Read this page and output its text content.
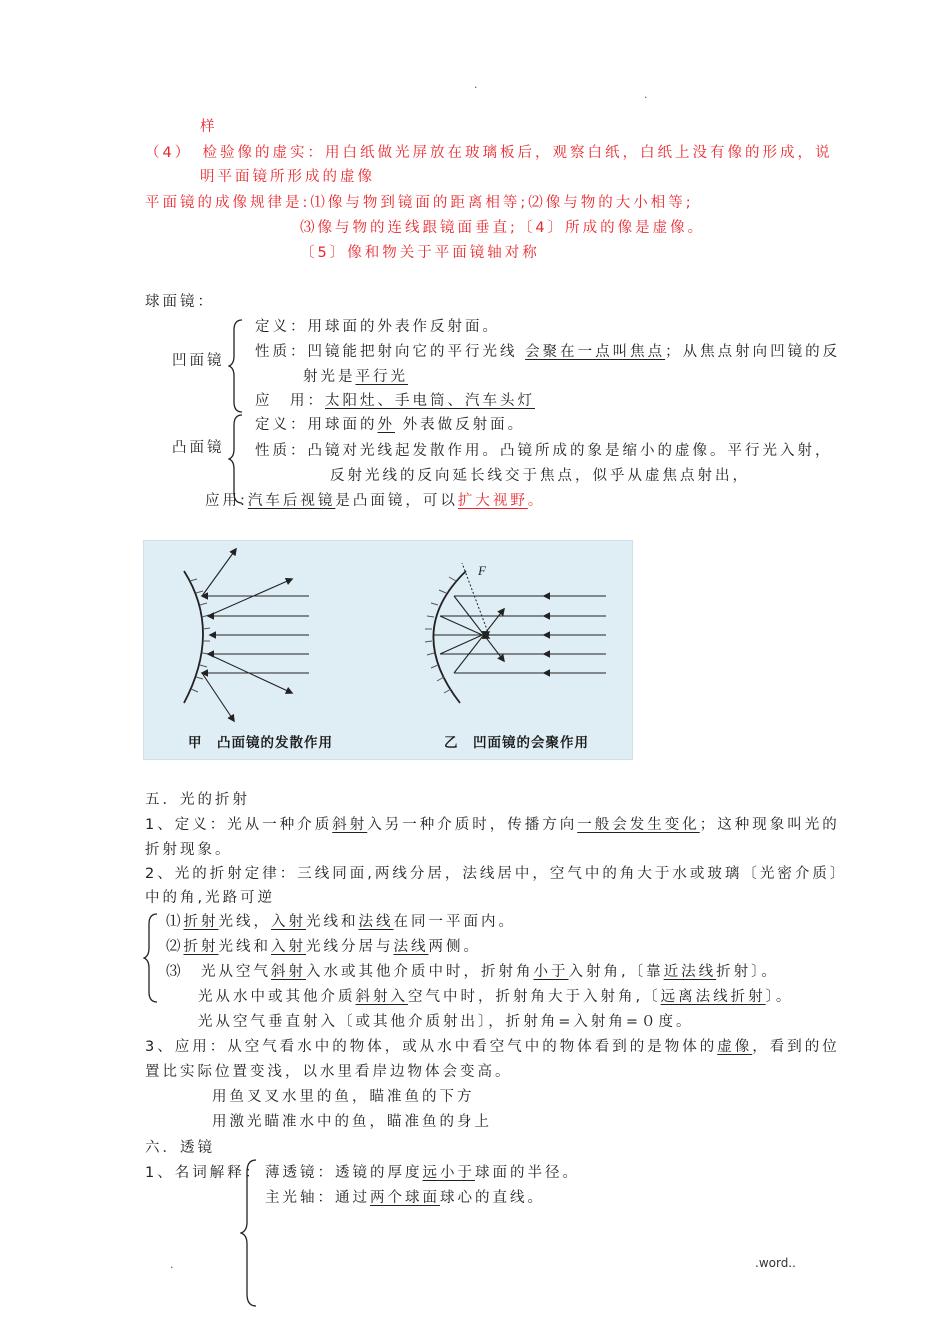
.
.
样
（4）　检验像的虚实：用白纸做光屏放在玻璃板后，观察白纸，白纸上没有像的形成，说
明平面镜所形成的虚像
平面镜的成像规律是:⑴像与物到镜面的距离相等;⑵像与物的大小相等;
⑶像与物的连线跟镜面垂直;〔4〕所成的像是虚像。
〔5〕像和物关于平面镜轴对称
球面镜：
凹面镜
定义：用球面的外表作反射面。
性质：凹镜能把射向它的平行光线 会聚在一点叫焦点；从焦点射向凹镜的反
射光是平行光
应　用：太阳灶、手电筒、汽车头灯
凸面镜
定义：用球面的外 外表做反射面。
性质：凸镜对光线起发散作用。凸镜所成的象是缩小的虚像。平行光入射，
反射光线的反向延长线交于焦点，似乎从虚焦点射出，
应用:汽车后视镜是凸面镜，可以扩大视野。
F
甲　凸面镜的发散作用	乙　凹面镜的会聚作用
五．光的折射
1、定义：光从一种介质斜射入另一种介质时，传播方向一般会发生变化；这种现象叫光的
折射现象。
2、光的折射定律：三线同面,两线分居，法线居中，空气中的角大于水或玻璃〔光密介质〕
中的角,光路可逆
⑴折射光线，入射光线和法线在同一平面内。
⑵折射光线和入射光线分居与法线两侧。
⑶　光从空气斜射入水或其他介质中时，折射角小于入射角,〔靠近法线折射〕。
光从水中或其他介质斜射入空气中时，折射角大于入射角,〔远离法线折射〕。
光从空气垂直射入〔或其他介质射出〕，折射角=入射角=０度。
3、应用：从空气看水中的物体，或从水中看空气中的物体看到的是物体的虚像，看到的位
置比实际位置变浅，以水里看岸边物体会变高。
用鱼叉叉水里的鱼，瞄准鱼的下方
用激光瞄准水中的鱼，瞄准鱼的身上
六．透镜
1、名词解释： 薄透镜：透镜的厚度远小于球面的半径。
主光轴：通过两个球面球心的直线。
.	.word..
